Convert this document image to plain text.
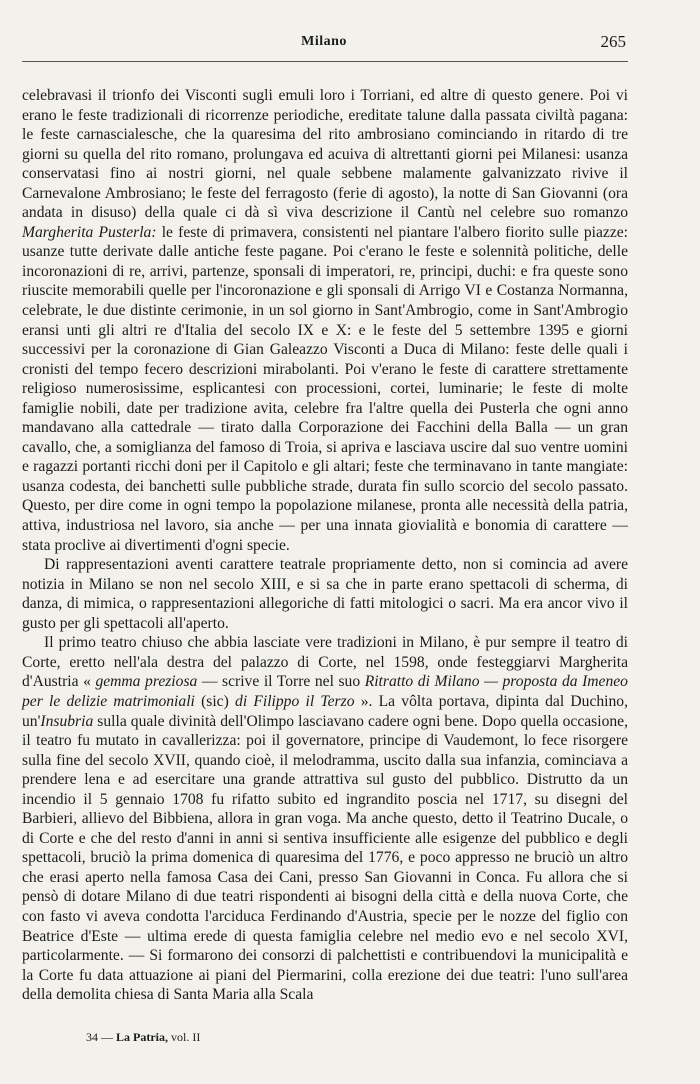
Milano	265

celebravasi il trionfo dei Visconti sugli emuli loro i Torriani, ed altre di questo genere. Poi vi erano le feste tradizionali di ricorrenze periodiche, ereditate talune dalla passata civiltà pagana: le feste carnascialesche, che la quaresima del rito ambrosiano cominciando in ritardo di tre giorni su quella del rito romano, prolungava ed acuiva di altrettanti giorni pei Milanesi: usanza conservatasi fino ai nostri giorni, nel quale sebbene malamente galvanizzato rivive il Carnevalone Ambrosiano; le feste del ferragosto (ferie di agosto), la notte di San Giovanni (ora andata in disuso) della quale ci dà sì viva descrizione il Cantù nel celebre suo romanzo Margherita Pusterla: le feste di primavera, consistenti nel piantare l'albero fiorito sulle piazze: usanze tutte derivate dalle antiche feste pagane. Poi c'erano le feste e solennità politiche, delle incoronazioni di re, arrivi, partenze, sponsali di imperatori, re, principi, duchi: e fra queste sono riuscite memorabili quelle per l'incoronazione e gli sponsali di Arrigo VI e Costanza Normanna, celebrate, le due distinte cerimonie, in un sol giorno in Sant'Ambrogio, come in Sant'Ambrogio eransi unti gli altri re d'Italia del secolo IX e X: e le feste del 5 settembre 1395 e giorni successivi per la coronazione di Gian Galeazzo Visconti a Duca di Milano: feste delle quali i cronisti del tempo fecero descrizioni mirabolanti. Poi v'erano le feste di carattere strettamente religioso numerosissime, esplicantesi con processioni, cortei, luminarie; le feste di molte famiglie nobili, date per tradizione avita, celebre fra l'altre quella dei Pusterla che ogni anno mandavano alla cattedrale — tirato dalla Corporazione dei Facchini della Balla — un gran cavallo, che, a somiglianza del famoso di Troia, si apriva e lasciava uscire dal suo ventre uomini e ragazzi portanti ricchi doni per il Capitolo e gli altari; feste che terminavano in tante mangiate: usanza codesta, dei banchetti sulle pubbliche strade, durata fin sullo scorcio del secolo passato. Questo, per dire come in ogni tempo la popolazione milanese, pronta alle necessità della patria, attiva, industriosa nel lavoro, sia anche — per una innata giovialità e bonomia di carattere — stata proclive ai divertimenti d'ogni specie.

Di rappresentazioni aventi carattere teatrale propriamente detto, non si comincia ad avere notizia in Milano se non nel secolo XIII, e si sa che in parte erano spettacoli di scherma, di danza, di mimica, o rappresentazioni allegoriche di fatti mitologici o sacri. Ma era ancor vivo il gusto per gli spettacoli all'aperto.

Il primo teatro chiuso che abbia lasciate vere tradizioni in Milano, è pur sempre il teatro di Corte, eretto nell'ala destra del palazzo di Corte, nel 1598, onde festeggiarvi Margherita d'Austria « gemma preziosa — scrive il Torre nel suo Ritratto di Milano — proposta da Imeneo per le delizie matrimoniali (sic) di Filippo il Terzo ». La vôlta portava, dipinta dal Duchino, un'Insubria sulla quale divinità dell'Olimpo lasciavano cadere ogni bene. Dopo quella occasione, il teatro fu mutato in cavallerizza: poi il governatore, principe di Vaudemont, lo fece risorgere sulla fine del secolo XVII, quando cioè, il melodramma, uscito dalla sua infanzia, cominciava a prendere lena e ad esercitare una grande attrattiva sul gusto del pubblico. Distrutto da un incendio il 5 gennaio 1708 fu rifatto subito ed ingrandito poscia nel 1717, su disegni del Barbieri, allievo del Bibbiena, allora in gran voga. Ma anche questo, detto il Teatrino Ducale, o di Corte e che del resto d'anni in anni si sentiva insufficiente alle esigenze del pubblico e degli spettacoli, bruciò la prima domenica di quaresima del 1776, e poco appresso ne bruciò un altro che erasi aperto nella famosa Casa dei Cani, presso San Giovanni in Conca. Fu allora che si pensò di dotare Milano di due teatri rispondenti ai bisogni della città e della nuova Corte, che con fasto vi aveva condotta l'arciduca Ferdinando d'Austria, specie per le nozze del figlio con Beatrice d'Este — ultima erede di questa famiglia celebre nel medio evo e nel secolo XVI, particolarmente. — Si formarono dei consorzi di palchettisti e contribuendovi la municipalità e la Corte fu data attuazione ai piani del Piermarini, colla erezione dei due teatri: l'uno sull'area della demolita chiesa di Santa Maria alla Scala

34 — La Patria, vol. II
